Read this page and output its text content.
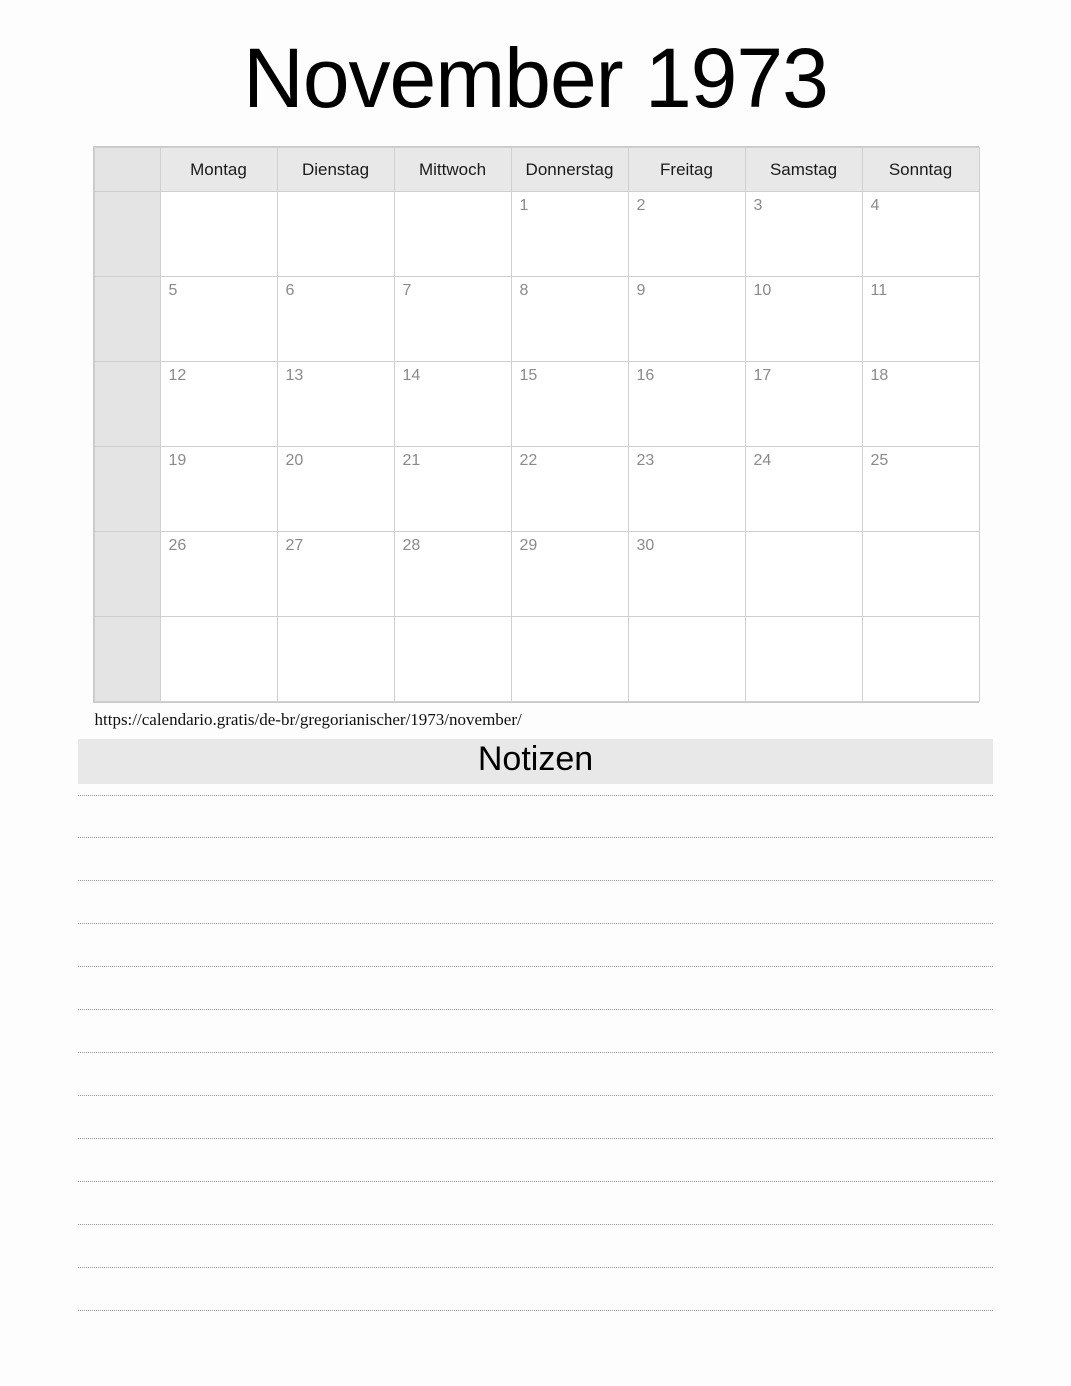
November 1973
	Montag	Dienstag	Mittwoch	Donnerstag	Freitag	Samstag	Sonntag

				1	2	3	4

	5	6	7	8	9	10	11

	12	13	14	15	16	17	18

	19	20	21	22	23	24	25

	26	27	28	29	30		

https://calendario.gratis/de-br/gregorianischer/1973/november/
Notizen
